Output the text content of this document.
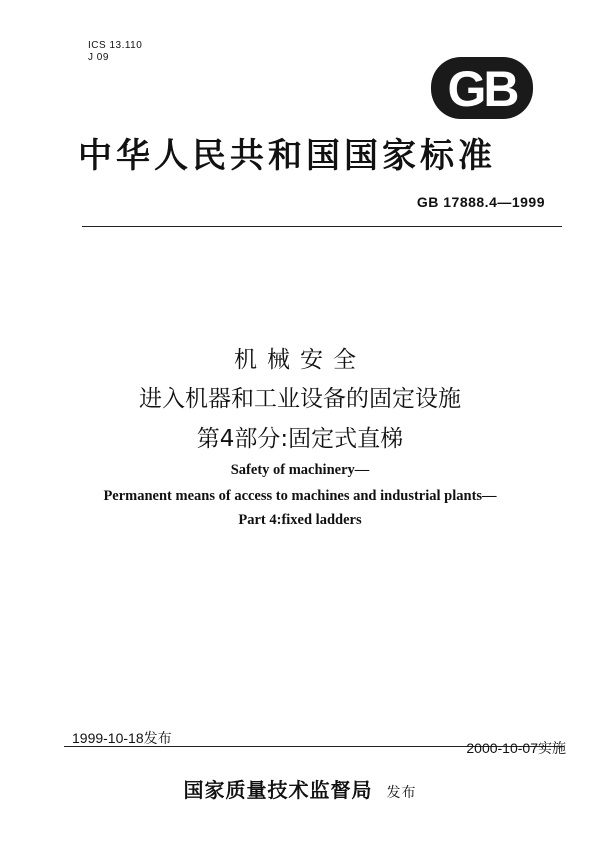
ICS 13.110
J 09
GB
中华人民共和国国家标准
GB 17888.4—1999
机械安全
进入机器和工业设备的固定设施
第4部分:固定式直梯
Safety of machinery—
Permanent means of access to machines and industrial plants—
Part 4:fixed ladders
1999-10-18发布
2000-10-07实施
国家质量技术监督局 发布
